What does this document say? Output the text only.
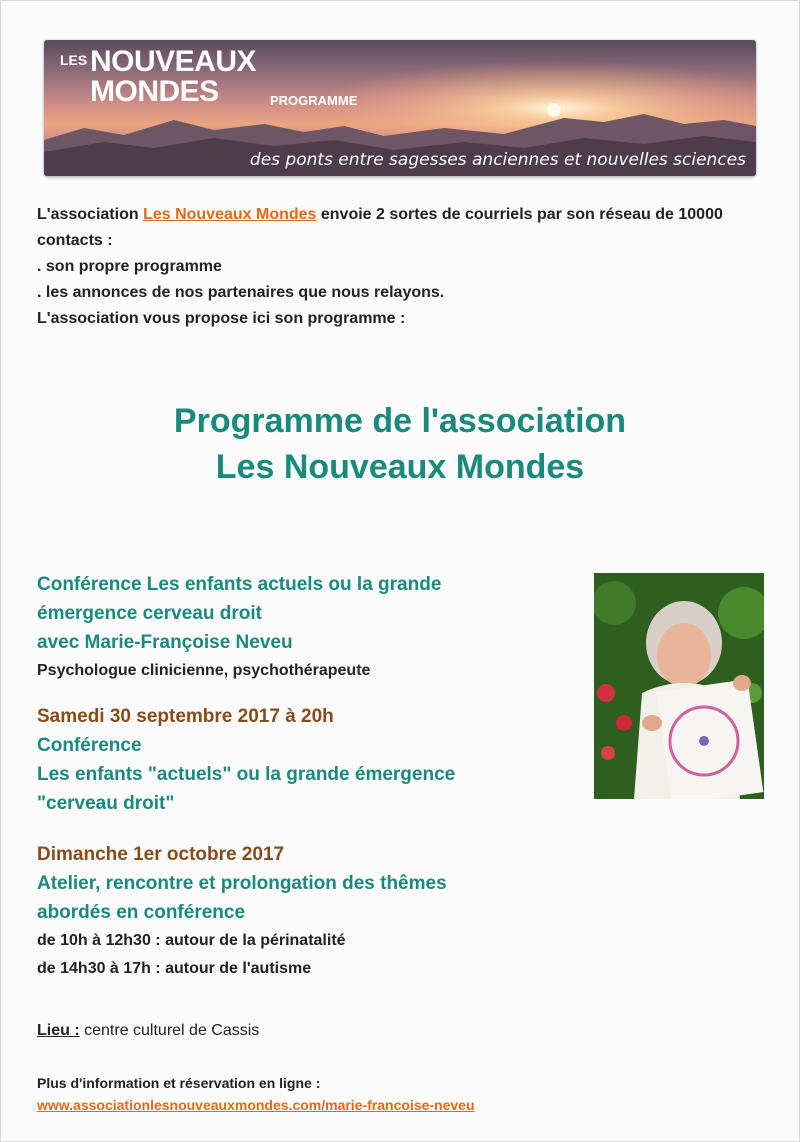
LES NOUVEAUX
MONDES	PROGRAMME
des ponts entre sagesses anciennes et nouvelles sciences

L'association Les Nouveaux Mondes envoie 2 sortes de courriels par son réseau de 10000 contacts :

. son propre programme

. les annonces de nos partenaires que nous relayons.

L'association vous propose ici son programme :

Programme de l'association
Les Nouveaux Mondes

Conférence Les enfants actuels ou la grande

émergence cerveau droit

avec Marie-Françoise Neveu

Psychologue clinicienne, psychothérapeute

Samedi 30 septembre 2017 à 20h

Conférence

Les enfants "actuels" ou la grande émergence

"cerveau droit"

Dimanche 1er octobre 2017

Atelier, rencontre et prolongation des thêmes

abordés en conférence

de 10h à 12h30 : autour de la périnatalité

de 14h30 à 17h : autour de l'autisme

Lieu : centre culturel de Cassis
Plus d'information et réservation en ligne :
www.associationlesnouveauxmondes.com/marie-francoise-neveu
